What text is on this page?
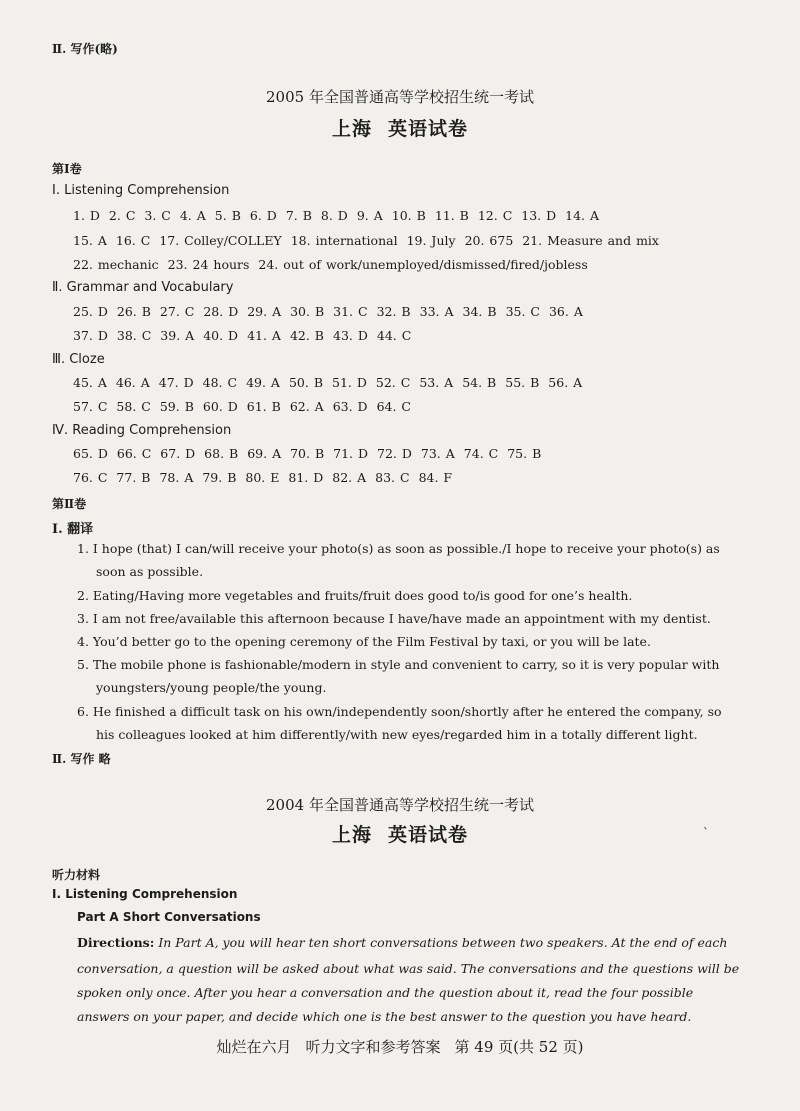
Ⅱ. 写作(略)
2005 年全国普通高等学校招生统一考试
上海 英语试卷
第Ⅰ卷
Ⅰ. Listening Comprehension
1. D 2. C 3. C 4. A 5. B 6. D 7. B 8. D 9. A 10. B 11. B 12. C 13. D 14. A
15. A 16. C 17. Colley/COLLEY 18. international 19. July 20. 675 21. Measure and mix
22. mechanic 23. 24 hours 24. out of work/unemployed/dismissed/fired/jobless
Ⅱ. Grammar and Vocabulary
25. D 26. B 27. C 28. D 29. A 30. B 31. C 32. B 33. A 34. B 35. C 36. A
37. D 38. C 39. A 40. D 41. A 42. B 43. D 44. C
Ⅲ. Cloze
45. A 46. A 47. D 48. C 49. A 50. B 51. D 52. C 53. A 54. B 55. B 56. A
57. C 58. C 59. B 60. D 61. B 62. A 63. D 64. C
Ⅳ. Reading Comprehension
65. D 66. C 67. D 68. B 69. A 70. B 71. D 72. D 73. A 74. C 75. B
76. C 77. B 78. A 79. B 80. E 81. D 82. A 83. C 84. F
第Ⅱ卷
Ⅰ. 翻译
1. I hope (that) I can/will receive your photo(s) as soon as possible./I hope to receive your photo(s) as
soon as possible.
2. Eating/Having more vegetables and fruits/fruit does good to/is good for one’s health.
3. I am not free/available this afternoon because I have/have made an appointment with my dentist.
4. You’d better go to the opening ceremony of the Film Festival by taxi, or you will be late.
5. The mobile phone is fashionable/modern in style and convenient to carry, so it is very popular with
youngsters/young people/the young.
6. He finished a difficult task on his own/independently soon/shortly after he entered the company, so
his colleagues looked at him differently/with new eyes/regarded him in a totally different light.
Ⅱ. 写作 略
2004 年全国普通高等学校招生统一考试
上海 英语试卷	ˋ
听力材料
Ⅰ. Listening Comprehension
Part A Short Conversations
Directions: In Part A, you will hear ten short conversations between two speakers. At the end of each
conversation, a question will be asked about what was said. The conversations and the questions will be
spoken only once. After you hear a conversation and the question about it, read the four possible
answers on your paper, and decide which one is the best answer to the question you have heard.
灿烂在六月 听力文字和参考答案 第 49 页(共 52 页)
